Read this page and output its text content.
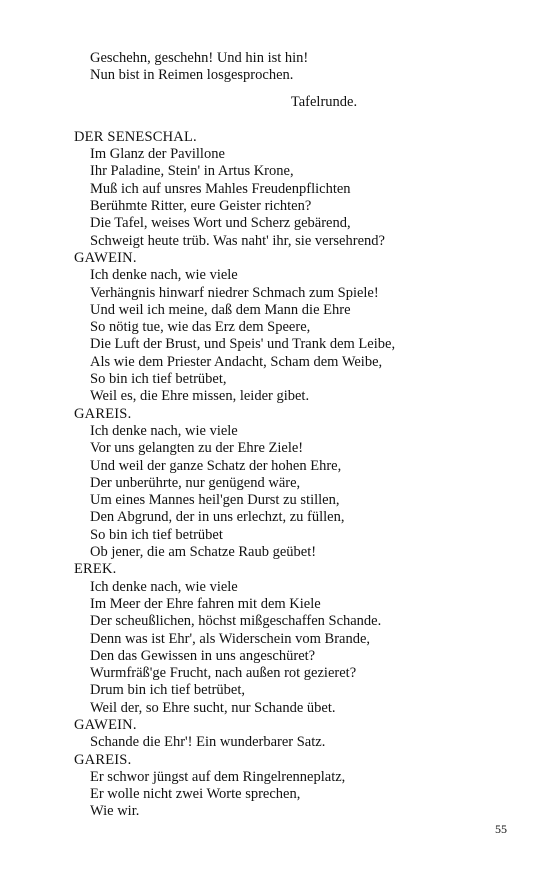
Geschehn, geschehn! Und hin ist hin!
Nun bist in Reimen losgesprochen.
Tafelrunde.
DER SENESCHAL.
Im Glanz der Pavillone
Ihr Paladine, Stein' in Artus Krone,
Muß ich auf unsres Mahles Freudenpflichten
Berühmte Ritter, eure Geister richten?
Die Tafel, weises Wort und Scherz gebärend,
Schweigt heute trüb. Was naht' ihr, sie versehrend?
GAWEIN.
Ich denke nach, wie viele
Verhängnis hinwarf niedrer Schmach zum Spiele!
Und weil ich meine, daß dem Mann die Ehre
So nötig tue, wie das Erz dem Speere,
Die Luft der Brust, und Speis' und Trank dem Leibe,
Als wie dem Priester Andacht, Scham dem Weibe,
So bin ich tief betrübet,
Weil es, die Ehre missen, leider gibet.
GAREIS.
Ich denke nach, wie viele
Vor uns gelangten zu der Ehre Ziele!
Und weil der ganze Schatz der hohen Ehre,
Der unberührte, nur genügend wäre,
Um eines Mannes heil'gen Durst zu stillen,
Den Abgrund, der in uns erlechzt, zu füllen,
So bin ich tief betrübet
Ob jener, die am Schatze Raub geübet!
EREK.
Ich denke nach, wie viele
Im Meer der Ehre fahren mit dem Kiele
Der scheußlichen, höchst mißgeschaffen Schande.
Denn was ist Ehr', als Widerschein vom Brande,
Den das Gewissen in uns angeschüret?
Wurmfräß'ge Frucht, nach außen rot gezieret?
Drum bin ich tief betrübet,
Weil der, so Ehre sucht, nur Schande übet.
GAWEIN.
Schande die Ehr'! Ein wunderbarer Satz.
GAREIS.
Er schwor jüngst auf dem Ringelrenneplatz,
Er wolle nicht zwei Worte sprechen,
Wie wir.
55
